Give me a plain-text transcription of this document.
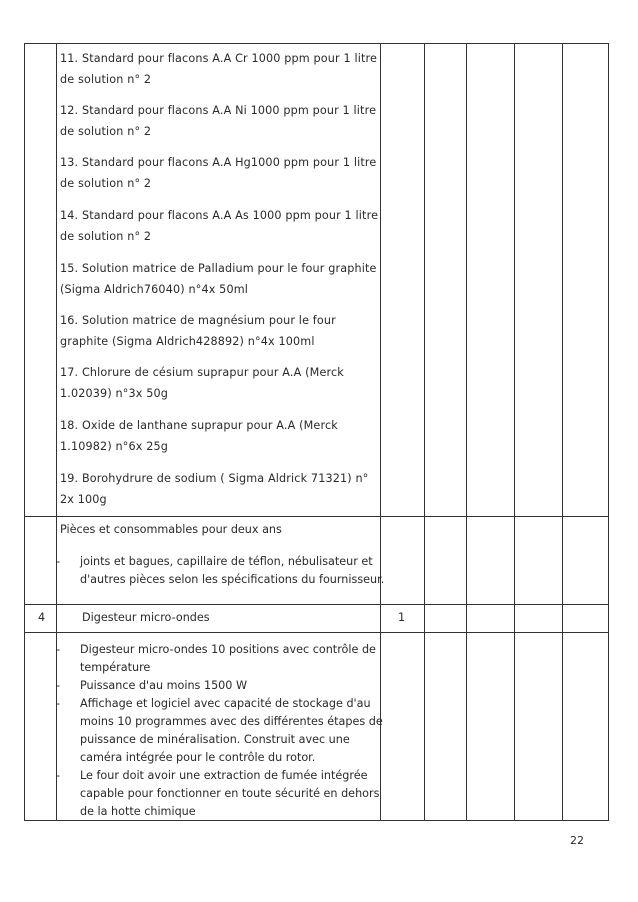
11. Standard pour flacons A.A Cr 1000 ppm pour 1 litre de solution n° 2
12. Standard pour flacons A.A Ni 1000 ppm pour 1 litre de solution n° 2
13. Standard pour flacons A.A Hg1000 ppm pour 1 litre de solution n° 2
14. Standard pour flacons A.A As 1000 ppm pour 1 litre de solution n° 2
15. Solution matrice de Palladium pour le four graphite (Sigma Aldrich76040) n°4x 50ml
16. Solution matrice de magnésium pour le four graphite (Sigma Aldrich428892) n°4x 100ml
17. Chlorure de césium suprapur pour A.A (Merck 1.02039) n°3x 50g
18. Oxide de lanthane suprapur pour A.A (Merck 1.10982) n°6x 25g
19. Borohydrure de sodium ( Sigma Aldrick 71321) n° 2x 100g
Pièces et consommables pour deux ans
- joints et bagues, capillaire de téflon, nébulisateur et d'autres pièces selon les spécifications du fournisseur.
4	Digesteur micro-ondes	1
- Digesteur micro-ondes 10 positions avec contrôle de température
- Puissance d'au moins 1500 W
- Affichage et logiciel avec capacité de stockage d'au moins 10 programmes avec des différentes étapes de puissance de minéralisation. Construit avec une caméra intégrée pour le contrôle du rotor.
- Le four doit avoir une extraction de fumée intégrée capable pour fonctionner en toute sécurité en dehors de la hotte chimique
22
